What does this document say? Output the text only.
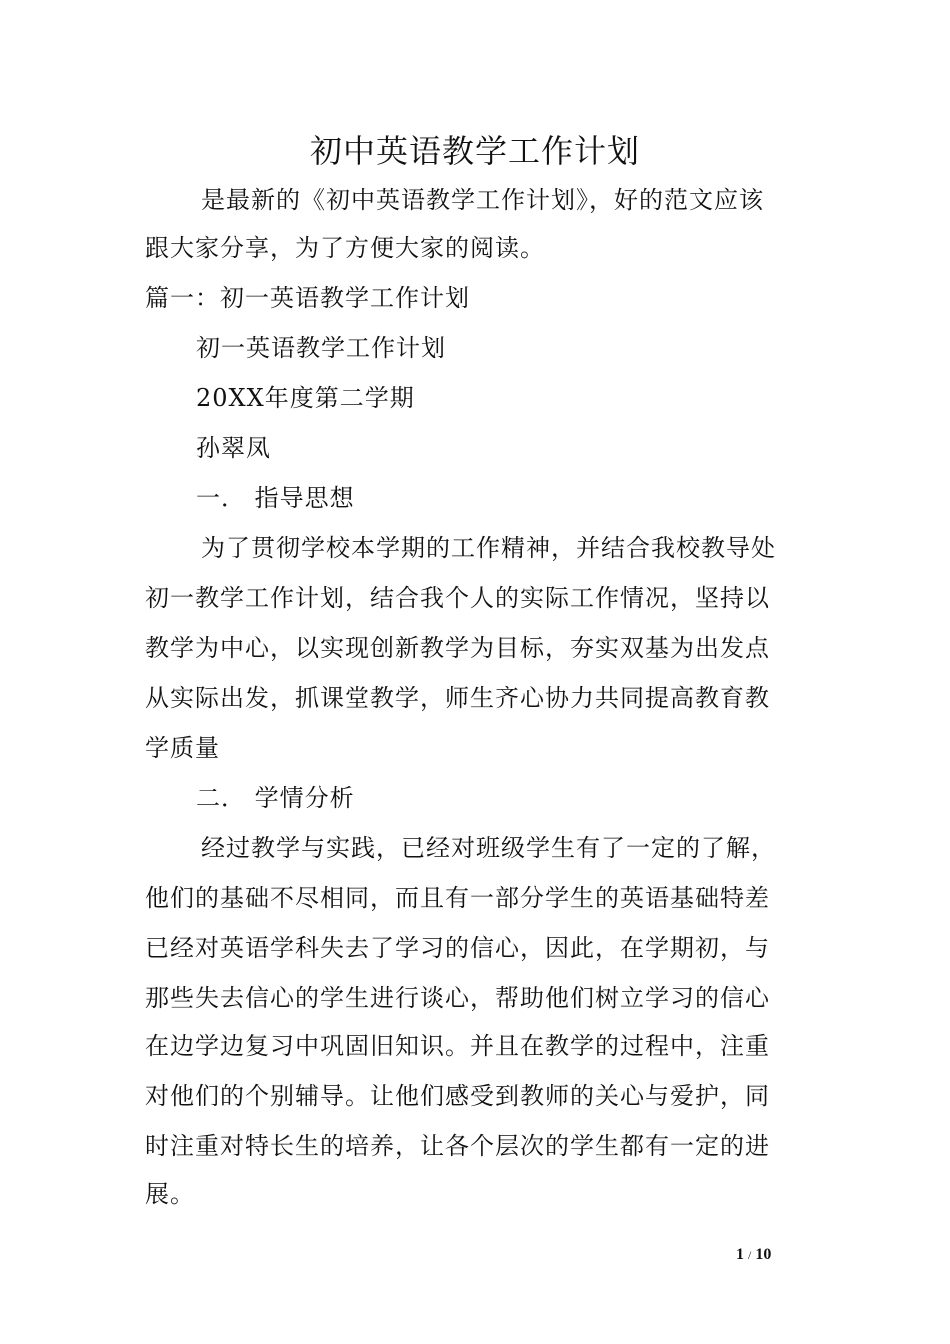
初中英语教学工作计划
是最新的《初中英语教学工作计划》，好的范文应该
跟大家分享，为了方便大家的阅读。
篇一：初一英语教学工作计划
初一英语教学工作计划
20XX年度第二学期
孙翠凤
一． 指导思想
为了贯彻学校本学期的工作精神，并结合我校教导处
初一教学工作计划，结合我个人的实际工作情况，坚持以
教学为中心，以实现创新教学为目标，夯实双基为出发点
从实际出发，抓课堂教学，师生齐心协力共同提高教育教
学质量
二． 学情分析
经过教学与实践，已经对班级学生有了一定的了解，
他们的基础不尽相同，而且有一部分学生的英语基础特差
已经对英语学科失去了学习的信心，因此，在学期初，与
那些失去信心的学生进行谈心，帮助他们树立学习的信心
在边学边复习中巩固旧知识。并且在教学的过程中，注重
对他们的个别辅导。让他们感受到教师的关心与爱护，同
时注重对特长生的培养，让各个层次的学生都有一定的进
展。
1 / 10
